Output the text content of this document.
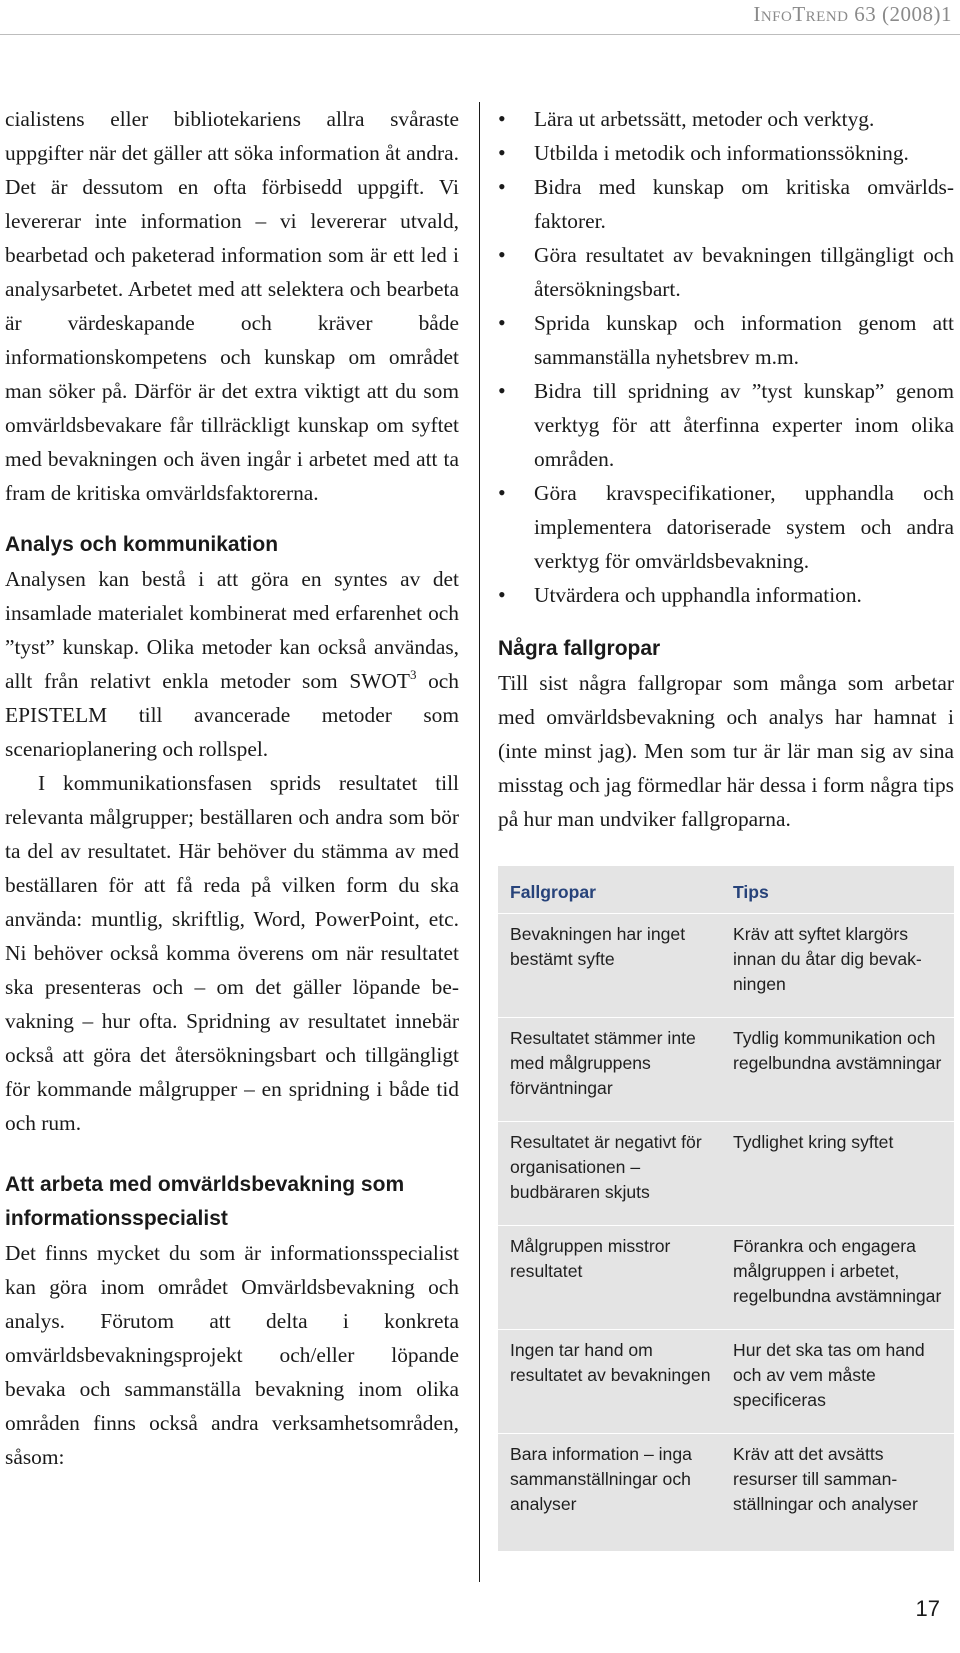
InfoTrend 63 (2008)1

cialistens eller bibliotekariens allra svåraste uppgifter när det gäller att söka information åt andra. Det är dessutom en ofta förbisedd uppgift. Vi levererar inte information – vi levererar utvald, bearbetad och paketerad information som är ett led i analysarbetet. Arbetet med att selektera och bearbeta är värdeskapande och kräver både informationskompetens och kunskap om området man söker på. Därför är det extra viktigt att du som omvärldsbevakare får tillräckligt kunskap om syftet med bevakningen och även ingår i arbetet med att ta fram de kritiska omvärldsfaktorerna.

Analys och kommunikation

Analysen kan bestå i att göra en syntes av det insamlade materialet kombinerat med erfarenhet och ”tyst” kunskap. Olika metoder kan också användas, allt från relativt enkla metoder som SWOT$^3$ och EPISTELM till avancerade metoder som scenarioplanering och rollspel.

I kommunikationsfasen sprids resultatet till relevanta målgrupper; beställaren och andra som bör ta del av resultatet. Här behöver du stämma av med beställaren för att få reda på vilken form du ska använda: muntlig, skriftlig, Word, PowerPoint, etc. Ni behöver också komma överens om när resultatet ska presenteras och – om det gäller löpande bevakning – hur ofta. Spridning av resultatet innebär också att göra det återsökningsbart och tillgängligt för kommande målgrupper – en spridning i både tid och rum.

Att arbeta med omvärldsbevakning som informationsspecialist

Det finns mycket du som är informationsspecialist kan göra inom området Omvärldsbevakning och analys. Förutom att delta i konkreta omvärldsbevakningsprojekt och/eller löpande bevaka och sammanställa bevakning inom olika områden finns också andra verksamhetsområden, såsom:

• Lära ut arbetssätt, metoder och verktyg.
• Utbilda i metodik och informationssökning.
• Bidra med kunskap om kritiska omvärldsfaktorer.
• Göra resultatet av bevakningen tillgängligt och återsökningsbart.
• Sprida kunskap och information genom att sammanställa nyhetsbrev m.m.
• Bidra till spridning av ”tyst kunskap” genom verktyg för att återfinna experter inom olika områden.
• Göra kravspecifikationer, upphandla och implementera datoriserade system och andra verktyg för omvärldsbevakning.
• Utvärdera och upphandla information.
Några fallgropar

Till sist några fallgropar som många som arbetar med omvärldsbevakning och analys har hamnat i (inte minst jag). Men som tur är lär man sig av sina misstag och jag förmedlar här dessa i form några tips på hur man undviker fallgroparna.

Fallgropar	Tips
Bevakningen har inget bestämt syfte
Kräv att syftet klargörs innan du åtar dig bevakningen
Resultatet stämmer inte med målgruppens förväntningar
Tydlig kommunikation och regelbundna avstämningar
Resultatet är negativt för organisationen – budbäraren skjuts
Tydlighet kring syftet
Målgruppen misstror resultatet
Förankra och engagera målgruppen i arbetet, regelbundna avstämningar
Ingen tar hand om resultatet av bevakningen
Hur det ska tas om hand och av vem måste specificeras
Bara information – inga sammanställningar och analyser
Kräv att det avsätts resurser till sammanställningar och analyser
17
